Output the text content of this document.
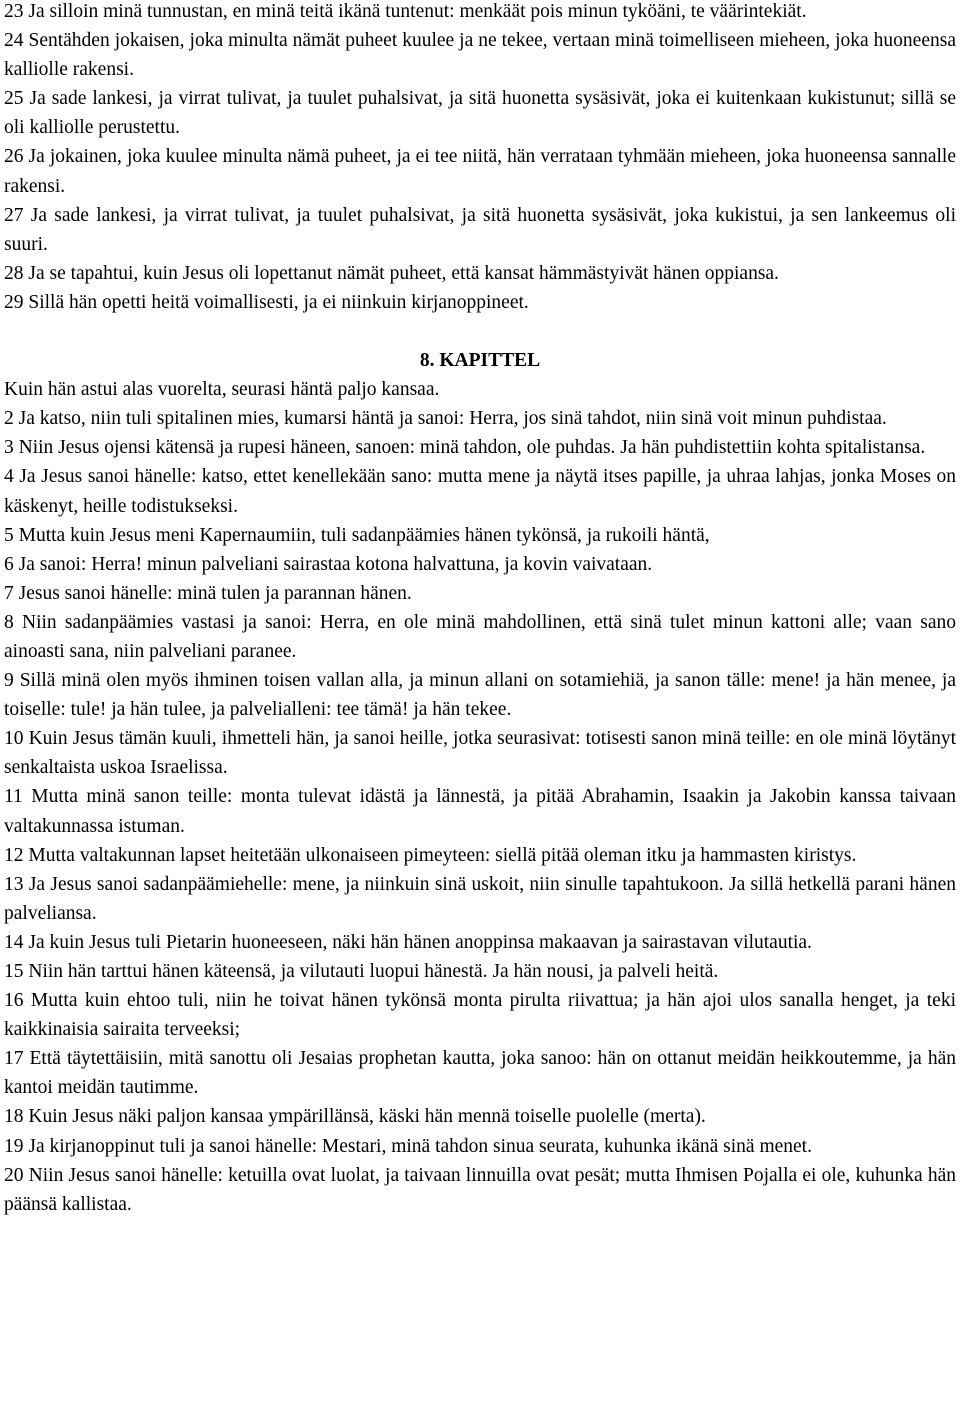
23 Ja silloin minä tunnustan, en minä teitä ikänä tuntenut: menkäät pois minun tyköäni, te väärintekiät.

24 Sentähden jokaisen, joka minulta nämät puheet kuulee ja ne tekee, vertaan minä toimelliseen mieheen, joka huoneensa kalliolle rakensi.

25 Ja sade lankesi, ja virrat tulivat, ja tuulet puhalsivat, ja sitä huonetta sysäsivät, joka ei kuitenkaan kukistunut; sillä se oli kalliolle perustettu.

26 Ja jokainen, joka kuulee minulta nämä puheet, ja ei tee niitä, hän verrataan tyhmään mieheen, joka huoneensa sannalle rakensi.

27 Ja sade lankesi, ja virrat tulivat, ja tuulet puhalsivat, ja sitä huonetta sysäsivät, joka kukistui, ja sen lankeemus oli suuri.

28 Ja se tapahtui, kuin Jesus oli lopettanut nämät puheet, että kansat hämmästyivät hänen oppiansa.

29 Sillä hän opetti heitä voimallisesti, ja ei niinkuin kirjanoppineet.

8. KAPITTEL

Kuin hän astui alas vuorelta, seurasi häntä paljo kansaa.

2 Ja katso, niin tuli spitalinen mies, kumarsi häntä ja sanoi: Herra, jos sinä tahdot, niin sinä voit minun puhdistaa.

3 Niin Jesus ojensi kätensä ja rupesi häneen, sanoen: minä tahdon, ole puhdas. Ja hän puhdistettiin kohta spitalistansa.

4 Ja Jesus sanoi hänelle: katso, ettet kenellekään sano: mutta mene ja näytä itses papille, ja uhraa lahjas, jonka Moses on käskenyt, heille todistukseksi.

5 Mutta kuin Jesus meni Kapernaumiin, tuli sadanpäämies hänen tykönsä, ja rukoili häntä,

6 Ja sanoi: Herra! minun palveliani sairastaa kotona halvattuna, ja kovin vaivataan.

7 Jesus sanoi hänelle: minä tulen ja parannan hänen.

8 Niin sadanpäämies vastasi ja sanoi: Herra, en ole minä mahdollinen, että sinä tulet minun kattoni alle; vaan sano ainoasti sana, niin palveliani paranee.

9 Sillä minä olen myös ihminen toisen vallan alla, ja minun allani on sotamiehiä, ja sanon tälle: mene! ja hän menee, ja toiselle: tule! ja hän tulee, ja palvelialleni: tee tämä! ja hän tekee.

10 Kuin Jesus tämän kuuli, ihmetteli hän, ja sanoi heille, jotka seurasivat: totisesti sanon minä teille: en ole minä löytänyt senkaltaista uskoa Israelissa.

11 Mutta minä sanon teille: monta tulevat idästä ja lännestä, ja pitää Abrahamin, Isaakin ja Jakobin kanssa taivaan valtakunnassa istuman.

12 Mutta valtakunnan lapset heitetään ulkonaiseen pimeyteen: siellä pitää oleman itku ja hammasten kiristys.

13 Ja Jesus sanoi sadanpäämiehelle: mene, ja niinkuin sinä uskoit, niin sinulle tapahtukoon. Ja sillä hetkellä parani hänen palveliansa.

14 Ja kuin Jesus tuli Pietarin huoneeseen, näki hän hänen anoppinsa makaavan ja sairastavan vilutautia.

15 Niin hän tarttui hänen käteensä, ja vilutauti luopui hänestä. Ja hän nousi, ja palveli heitä.

16 Mutta kuin ehtoo tuli, niin he toivat hänen tykönsä monta pirulta riivattua; ja hän ajoi ulos sanalla henget, ja teki kaikkinaisia sairaita terveeksi;

17 Että täytettäisiin, mitä sanottu oli Jesaias prophetan kautta, joka sanoo: hän on ottanut meidän heikkoutemme, ja hän kantoi meidän tautimme.

18 Kuin Jesus näki paljon kansaa ympärillänsä, käski hän mennä toiselle puolelle (merta).

19 Ja kirjanoppinut tuli ja sanoi hänelle: Mestari, minä tahdon sinua seurata, kuhunka ikänä sinä menet.

20 Niin Jesus sanoi hänelle: ketuilla ovat luolat, ja taivaan linnuilla ovat pesät; mutta Ihmisen Pojalla ei ole, kuhunka hän päänsä kallistaa.
